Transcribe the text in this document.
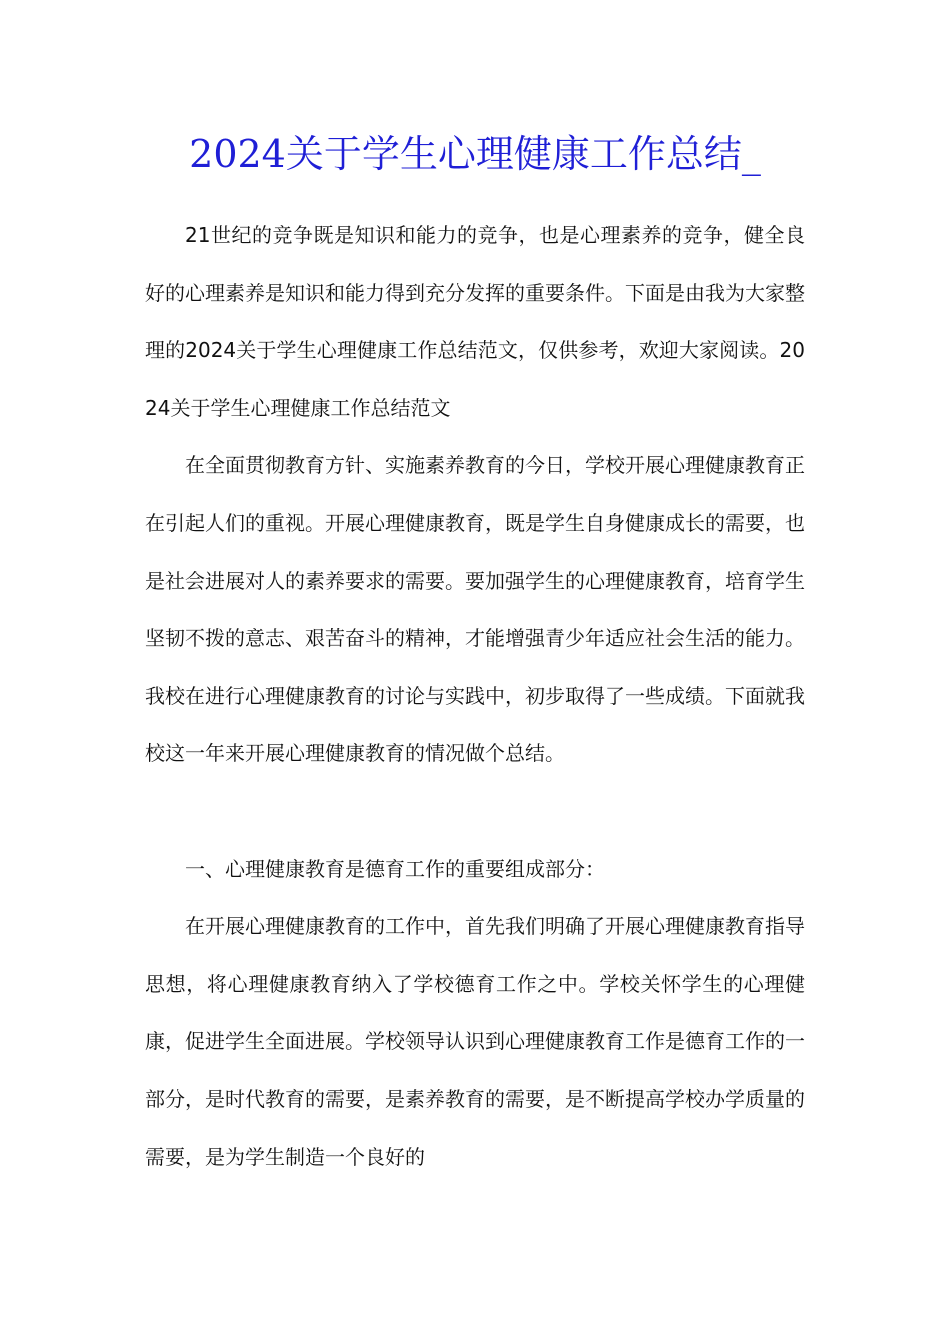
2024关于学生心理健康工作总结_

21世纪的竞争既是知识和能力的竞争，也是心理素养的竞争，健全良好的心理素养是知识和能力得到充分发挥的重要条件。下面是由我为大家整理的2024关于学生心理健康工作总结范文，仅供参考，欢迎大家阅读。2024关于学生心理健康工作总结范文

在全面贯彻教育方针、实施素养教育的今日，学校开展心理健康教育正在引起人们的重视。开展心理健康教育，既是学生自身健康成长的需要，也是社会进展对人的素养要求的需要。要加强学生的心理健康教育，培育学生坚韧不拨的意志、艰苦奋斗的精神，才能增强青少年适应社会生活的能力。我校在进行心理健康教育的讨论与实践中，初步取得了一些成绩。下面就我校这一年来开展心理健康教育的情况做个总结。

一、心理健康教育是德育工作的重要组成部分：

在开展心理健康教育的工作中，首先我们明确了开展心理健康教育指导思想，将心理健康教育纳入了学校德育工作之中。学校关怀学生的心理健康，促进学生全面进展。学校领导认识到心理健康教育工作是德育工作的一部分，是时代教育的需要，是素养教育的需要，是不断提高学校办学质量的需要，是为学生制造一个良好的
